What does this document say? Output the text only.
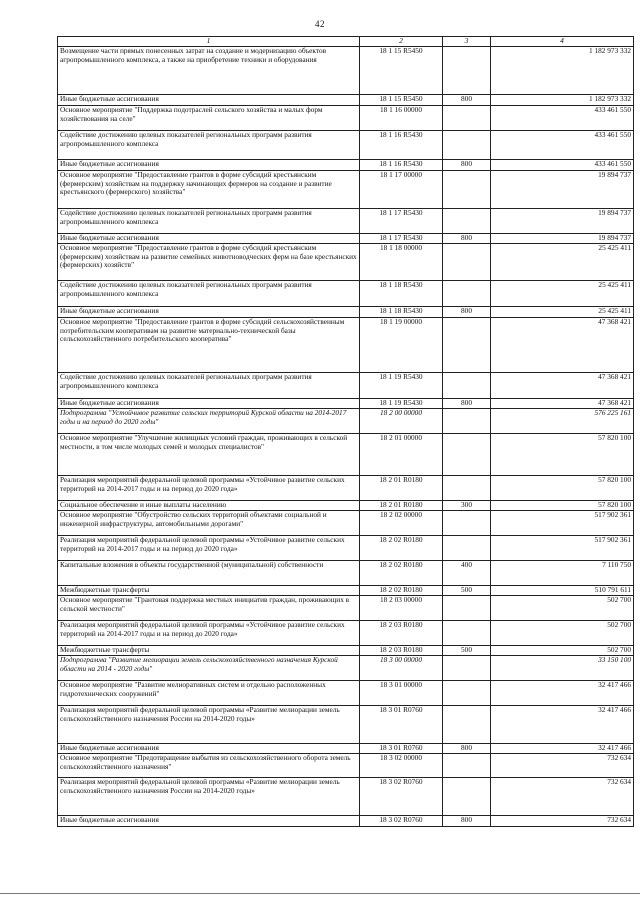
42
1	2	3	4
Возмещение части прямых понесенных затрат на создание и модернизацию объектов агропромышленного комплекса, а также на приобретение техники и оборудования	18 1 15 R5450		1 182 973 332
Иные бюджетные ассигнования	18 1 15 R5450	800	1 182 973 332
Основное мероприятие "Поддержка подотраслей сельского хозяйства и малых форм хозяйствования на селе"	18 1 16 00000		433 461 550
Содействие достижению целевых показателей региональных программ развития агропромышленного комплекса	18 1 16 R5430		433 461 550
Иные бюджетные ассигнования	18 1 16 R5430	800	433 461 550
Основное мероприятие "Предоставление грантов в форме субсидий крестьянским (фермерским) хозяйствам на поддержку начинающих фермеров на создание и развитие крестьянского (фермерского) хозяйства"	18 1 17 00000		19 894 737
Содействие достижению целевых показателей региональных программ развития агропромышленного комплекса	18 1 17 R5430		19 894 737
Иные бюджетные ассигнования	18 1 17 R5430	800	19 894 737
Основное мероприятие "Предоставление грантов в форме субсидий крестьянским (фермерским) хозяйствам на развитие семейных животноводческих ферм на базе крестьянских (фермерских) хозяйств"	18 1 18 00000		25 425 411
Содействие достижению целевых показателей региональных программ развития агропромышленного комплекса	18 1 18 R5430		25 425 411
Иные бюджетные ассигнования	18 1 18 R5430	800	25 425 411
Основное мероприятие "Предоставление грантов в форме субсидий сельскохозяйственным потребительским кооперативам на развитие материально-технической базы сельскохозяйственного потребительского кооператива"	18 1 19 00000		47 368 421
Содействие достижению целевых показателей региональных программ развития агропромышленного комплекса	18 1 19 R5430		47 368 421
Иные бюджетные ассигнования	18 1 19 R5430	800	47 368 421
Подпрограмма "Устойчивое развитие сельских территорий Курской области на 2014-2017 годы и на период до 2020 годы"	18 2 00 00000		576 225 161
Основное мероприятие "Улучшение жилищных условий граждан, проживающих в сельской местности, в том числе молодых семей и молодых специалистов"	18 2 01 00000		57 820 100
Реализация мероприятий федеральной целевой программы «Устойчивое развитие сельских территорий на 2014-2017 годы и на период до 2020 года»	18 2 01 R0180		57 820 100
Социальное обеспечение и иные выплаты населению	18 2 01 R0180	300	57 820 100
Основное мероприятие "Обустройство сельских территорий объектами социальной и инженерной инфраструктуры, автомобильными дорогами"	18 2 02 00000		517 902 361
Реализация мероприятий федеральной целевой программы «Устойчивое развитие сельских территорий на 2014-2017 годы и на период до 2020 года»	18 2 02 R0180		517 902 361
Капитальные вложения в объекты государственной (муниципальной) собственности	18 2 02 R0180	400	7 110 750
Межбюджетные трансферты	18 2 02 R0180	500	510 791 611
Основное мероприятие "Грантовая поддержка местных инициатив граждан, проживающих в сельской местности"	18 2 03 00000		502 700
Реализация мероприятий федеральной целевой программы «Устойчивое развитие сельских территорий на 2014-2017 годы и на период до 2020 года»	18 2 03 R0180		502 700
Межбюджетные трансферты	18 2 03 R0180	500	502 700
Подпрограмма "Развитие мелиорации земель сельскохозяйственного назначения Курской области на 2014 - 2020 годы"	18 3 00 00000		33 150 100
Основное мероприятие "Развитие мелиоративных систем и отдельно расположенных гидротехнических сооружений"	18 3 01 00000		32 417 466
Реализация мероприятий федеральной целевой программы «Развитие мелиорации земель сельскохозяйственного назначения России на 2014-2020 годы»	18 3 01 R0760		32 417 466
Иные бюджетные ассигнования	18 3 01 R0760	800	32 417 466
Основное мероприятие "Предотвращение выбытия из сельскохозяйственного оборота земель сельскохозяйственного назначения"	18 3 02 00000		732 634
Реализация мероприятий федеральной целевой программы «Развитие мелиорации земель сельскохозяйственного назначения России на 2014-2020 годы»	18 3 02 R0760		732 634
Иные бюджетные ассигнования	18 3 02 R0760	800	732 634
